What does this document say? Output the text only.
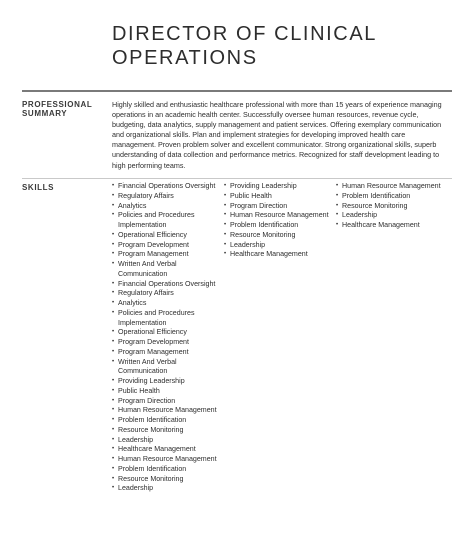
DIRECTOR OF CLINICAL OPERATIONS
PROFESSIONAL SUMMARY

Highly skilled and enthusiastic healthcare professional with more than 15 years of experience managing operations in an academic health center. Successfully oversee human resources, revenue cycle, budgeting, data analytics, supply management and patient services. Offering exemplary communication and organizational skills. Plan and implement strategies for developing improved health care management. Proven problem solver and excellent communicator. Strong organizational skills, superb understanding of data collection and performance metrics. Recognized for staff development leading to high performing teams.

SKILLS
•	Financial Operations Oversight
• Regulatory Affairs
• Analytics
• Policies and Procedures Implementation
• Operational Efficiency
• Program Development
• Program Management
• Written And Verbal Communication
• Financial Operations Oversight
• Regulatory Affairs
• Analytics
• Policies and Procedures Implementation
• Operational Efficiency
• Program Development
• Program Management
• Written And Verbal Communication
• Providing Leadership
• Public Health
• Program Direction
• Human Resource Management
• Problem Identification
• Resource Monitoring
• Leadership
• Healthcare Management
• Human Resource Management
• Problem Identification
• Resource Monitoring
• Leadership
• Providing Leadership
• Public Health
• Program Direction
• Human Resource Management
• Problem Identification
• Resource Monitoring
• Leadership
• Healthcare Management
• Human Resource Management
• Problem Identification
• Resource Monitoring
• Leadership
• Healthcare Management
